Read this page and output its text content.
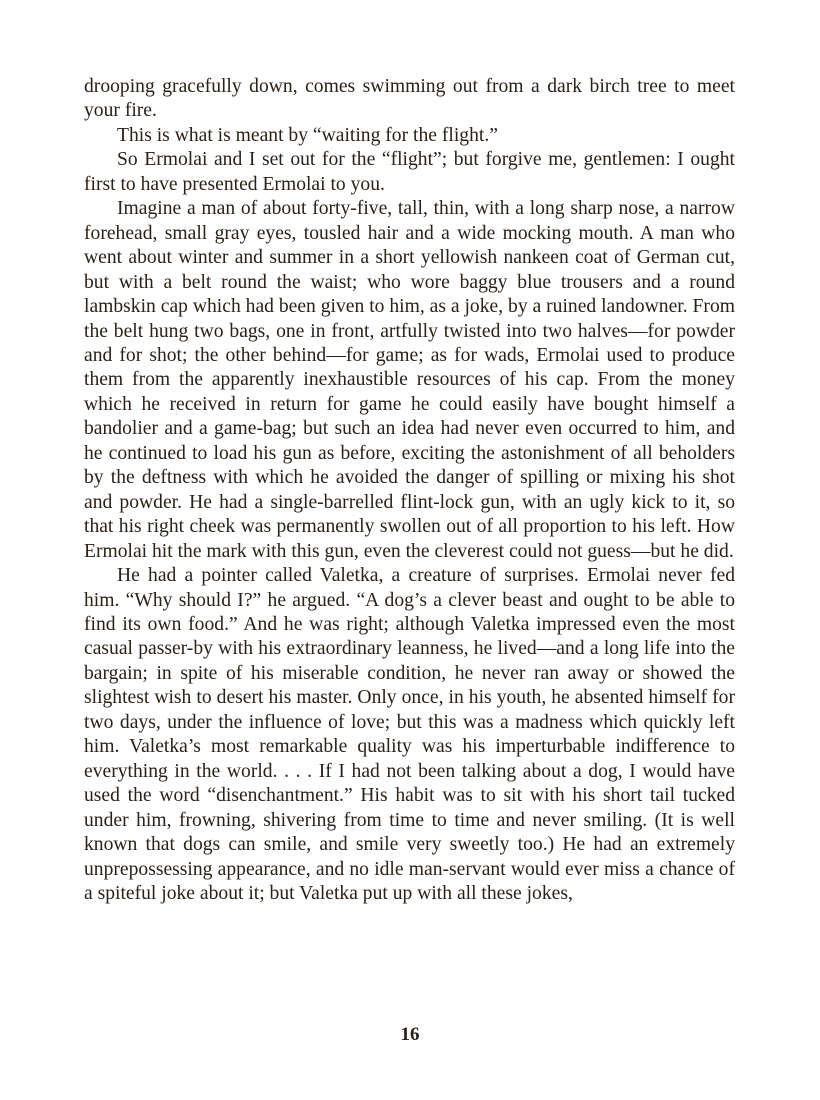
drooping gracefully down, comes swimming out from a dark birch tree to meet your fire.

This is what is meant by “waiting for the flight.”

So Ermolai and I set out for the “flight”; but forgive me, gentlemen: I ought first to have presented Ermolai to you.

Imagine a man of about forty-five, tall, thin, with a long sharp nose, a narrow forehead, small gray eyes, tousled hair and a wide mocking mouth. A man who went about winter and summer in a short yellowish nankeen coat of German cut, but with a belt round the waist; who wore baggy blue trousers and a round lambskin cap which had been given to him, as a joke, by a ruined landowner. From the belt hung two bags, one in front, artfully twisted into two halves—for powder and for shot; the other behind—for game; as for wads, Ermolai used to produce them from the apparently inexhaustible resources of his cap. From the money which he received in return for game he could easily have bought himself a bandolier and a game-bag; but such an idea had never even occurred to him, and he continued to load his gun as before, exciting the astonishment of all beholders by the deftness with which he avoided the danger of spilling or mixing his shot and powder. He had a single-barrelled flint-lock gun, with an ugly kick to it, so that his right cheek was permanently swollen out of all proportion to his left. How Ermolai hit the mark with this gun, even the cleverest could not guess—but he did.

He had a pointer called Valetka, a creature of surprises. Ermolai never fed him. “Why should I?” he argued. “A dog’s a clever beast and ought to be able to find its own food.” And he was right; although Valetka impressed even the most casual passer-by with his extraordinary leanness, he lived—and a long life into the bargain; in spite of his miserable condition, he never ran away or showed the slightest wish to desert his master. Only once, in his youth, he absented himself for two days, under the influence of love; but this was a madness which quickly left him. Valetka’s most remarkable quality was his imperturbable indifference to everything in the world. . . . If I had not been talking about a dog, I would have used the word “disenchantment.” His habit was to sit with his short tail tucked under him, frowning, shivering from time to time and never smiling. (It is well known that dogs can smile, and smile very sweetly too.) He had an extremely unprepossessing appearance, and no idle man-servant would ever miss a chance of a spiteful joke about it; but Valetka put up with all these jokes,

16
